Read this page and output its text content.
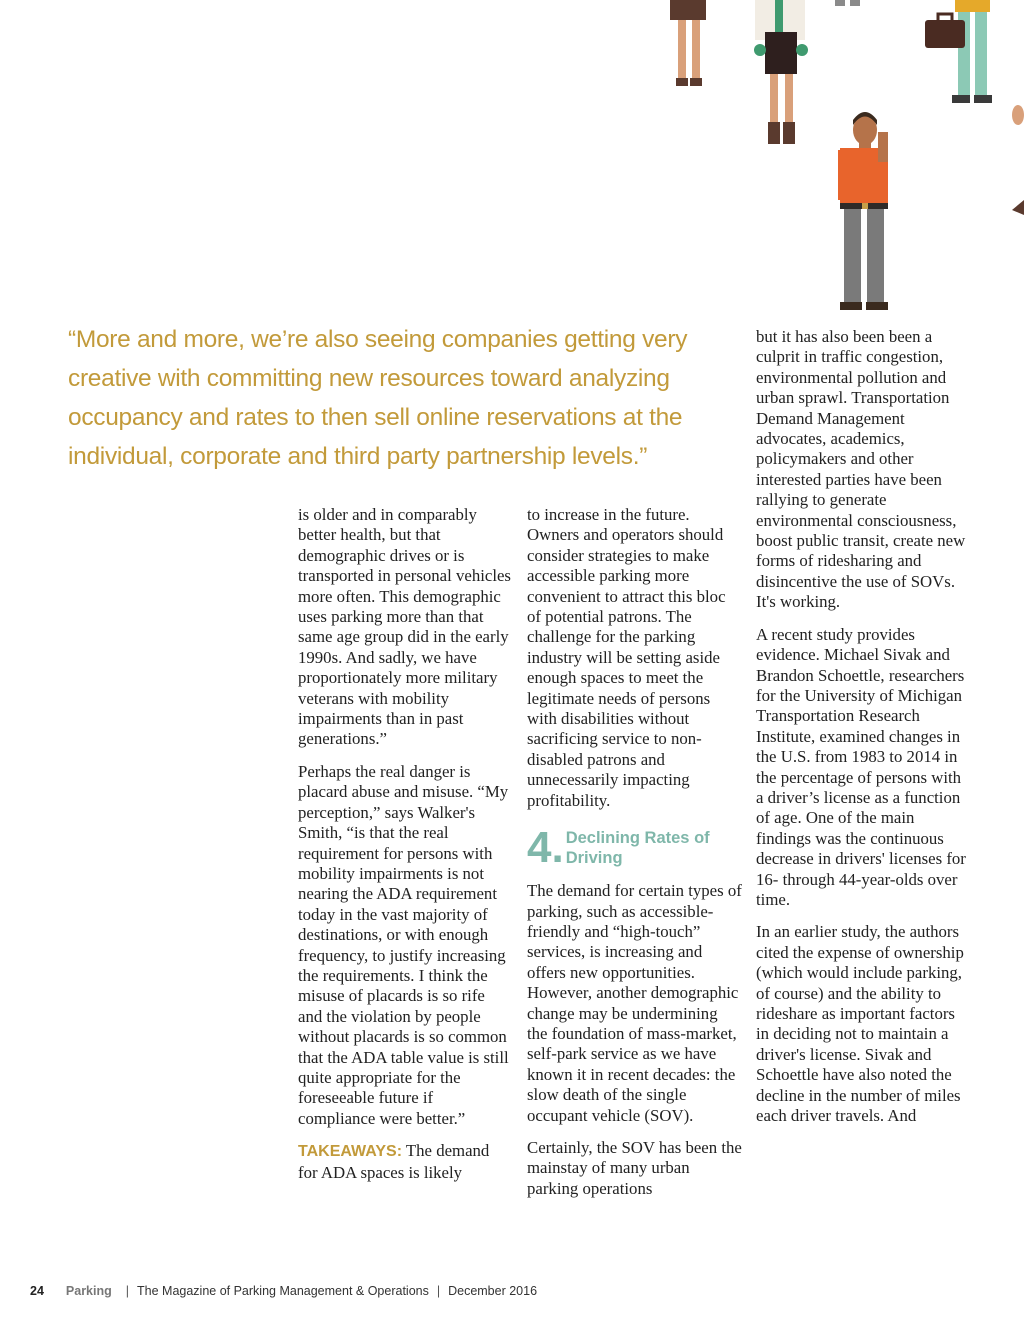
“More and more, we’re also seeing companies getting very creative with committing new resources toward analyzing occupancy and rates to then sell online reservations at the individual, corporate and third party partnership levels.”

is older and in comparably better health, but that demographic drives or is transported in personal vehicles more often. This demographic uses parking more than that same age group did in the early 1990s. And sadly, we have proportionately more military veterans with mobility impairments than in past generations.”

Perhaps the real danger is placard abuse and misuse. “My perception,” says Walker's Smith, “is that the real requirement for persons with mobility impairments is not nearing the ADA requirement today in the vast majority of destinations, or with enough frequency, to justify increasing the requirements. I think the misuse of placards is so rife and the violation by people without placards is so common that the ADA table value is still quite appropriate for the foreseeable future if compliance were better.”

TAKEAWAYS: The demand for ADA spaces is likely

to increase in the future. Owners and operators should consider strategies to make accessible parking more convenient to attract this bloc of potential patrons. The challenge for the parking industry will be setting aside enough spaces to meet the legitimate needs of persons with disabilities without sacrificing service to non-disabled patrons and unnecessarily impacting profitability.

4. Declining Rates of Driving

The demand for certain types of parking, such as accessible-friendly and “high-touch” services, is increasing and offers new opportunities. However, another demographic change may be undermining the foundation of mass-market, self-park service as we have known it in recent decades: the slow death of the single occupant vehicle (SOV).

Certainly, the SOV has been the mainstay of many urban parking operations

but it has also been been a culprit in traffic congestion, environmental pollution and urban sprawl. Transportation Demand Management advocates, academics, policymakers and other interested parties have been rallying to generate environmental consciousness, boost public transit, create new forms of ridesharing and disincentive the use of SOVs. It's working.

A recent study provides evidence. Michael Sivak and Brandon Schoettle, researchers for the University of Michigan Transportation Research Institute, examined changes in the U.S. from 1983 to 2014 in the percentage of persons with a driver’s license as a function of age. One of the main findings was the continuous decrease in drivers' licenses for 16- through 44-year-olds over time.

In an earlier study, the authors cited the expense of ownership (which would include parking, of course) and the ability to rideshare as important factors in deciding not to maintain a driver's license. Sivak and Schoettle have also noted the decline in the number of miles each driver travels. And

24 Parking | The Magazine of Parking Management & Operations | December 2016
